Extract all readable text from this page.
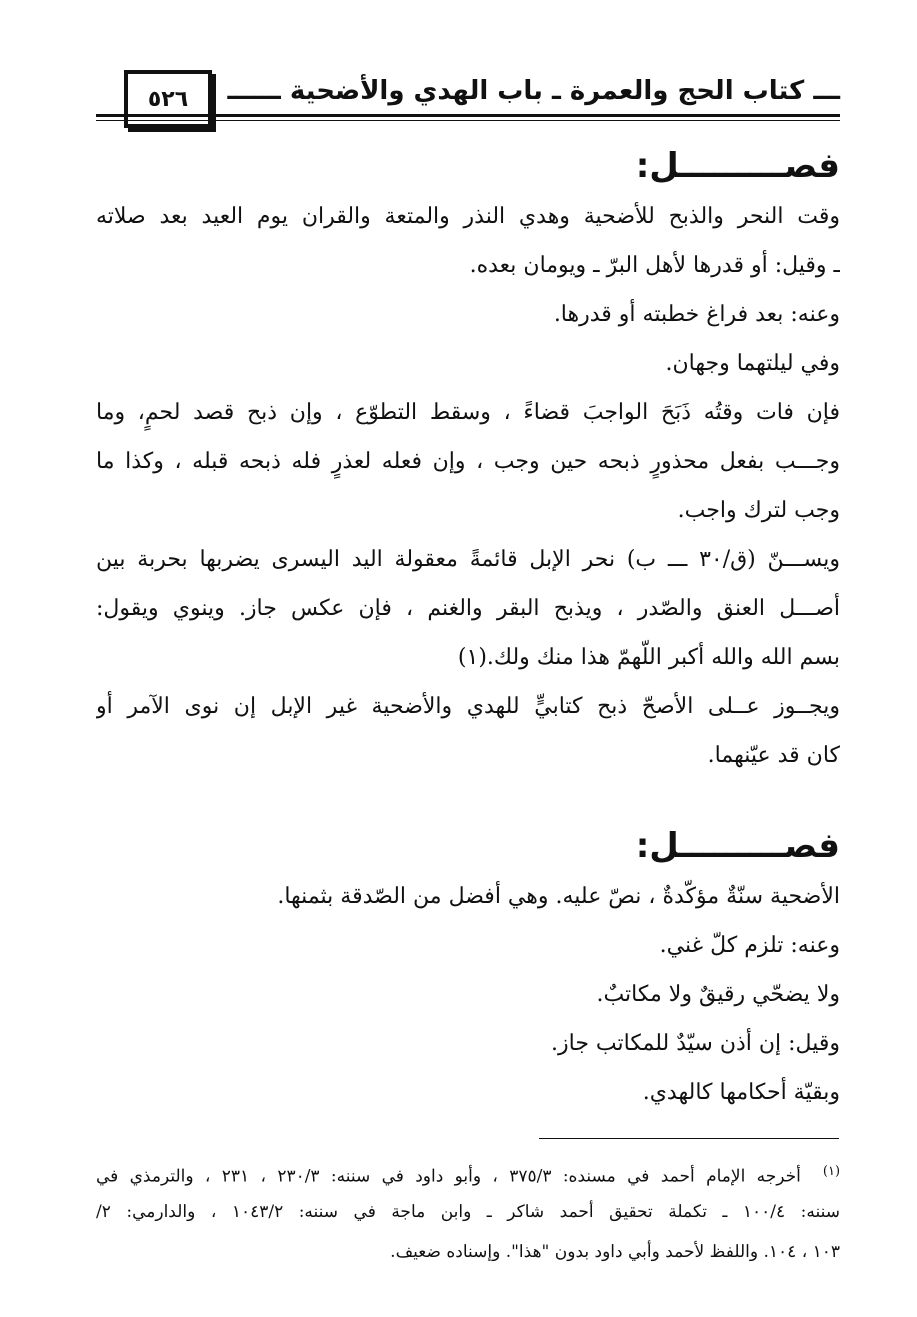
٥٢٦ ـــ كتاب الحج والعمرة ـ باب الهدي والأضحية ــــــ
فصـــــــــل:
وقت النحر والذبح للأضحية وهدي النذر والمتعة والقران يوم العيد بعد صلاته
ـ وقيل: أو قدرها لأهل البرّ ـ ويومان بعده.
وعنه: بعد فراغ خطبته أو قدرها.
وفي ليلتهما وجهان.
فإن فات وقتُه ذَبَحَ الواجبَ قضاءً ، وسقط التطوّع ، وإن ذبح قصد لحمٍ، وما
وجـــب بفعل محذورٍ ذبحه حين وجب ، وإن فعله لعذرٍ فله ذبحه قبله ، وكذا ما
وجب لترك واجب.
ويســـنّ (ق/٣٠ ـــ ب) نحر الإبل قائمةً معقولة اليد اليسرى يضربها بحربة بين
أصـــل العنق والصّدر ، ويذبح البقر والغنم ، فإن عكس جاز. وينوي ويقول:
بسم الله والله أكبر اللّهمّ هذا منك ولك.(١)
ويجــوز عــلى الأصحّ ذبح كتابيٍّ للهدي والأضحية غير الإبل إن نوى الآمر أو
كان قد عيّنهما.
فصـــــــــل:
الأضحية سنّةٌ مؤكّدةٌ ، نصّ عليه. وهي أفضل من الصّدقة بثمنها.
وعنه: تلزم كلّ غني.
ولا يضحّي رقيقٌ ولا مكاتبٌ.
وقيل: إن أذن سيّدٌ للمكاتب جاز.
وبقيّة أحكامها كالهدي.
$^{(١)}$أخرجه الإمام أحمد في مسنده: ٣٧٥/٣ ، وأبو داود في سننه: ٢٣٠/٣ ، ٢٣١ ، والترمذي في
سننه: ١٠٠/٤ ـ تكملة تحقيق أحمد شاكر ـ وابن ماجة في سننه: ١٠٤٣/٢ ، والدارمي: ٢/
١٠٣ ، ١٠٤. واللفظ لأحمد وأبي داود بدون "هذا". وإسناده ضعيف.
